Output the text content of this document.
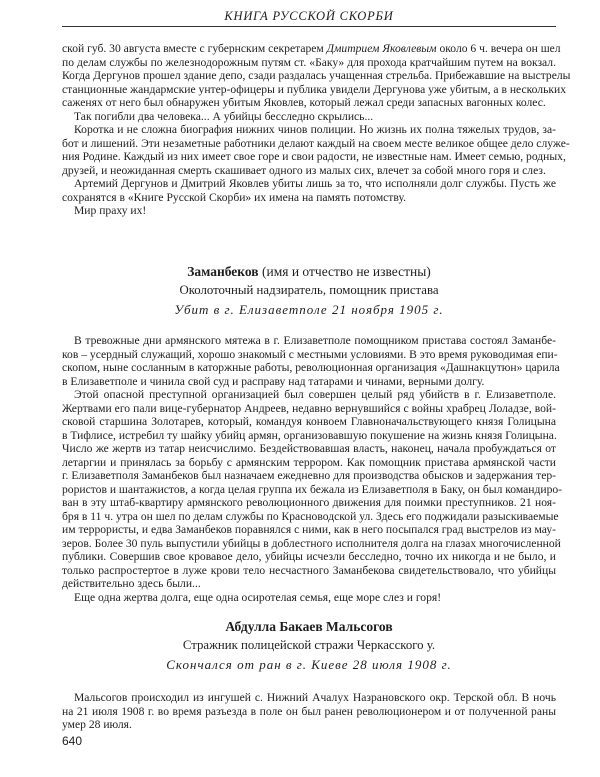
КНИГА РУССКОЙ СКОРБИ
ской губ. 30 августа вместе с губернским секретарем Дмитрием Яковлевым около 6 ч. вечера он шел
по делам службы по железнодорожным путям ст. «Баку» для прохода кратчайшим путем на вокзал.
Когда Дергунов прошел здание депо, сзади раздалась учащенная стрельба. Прибежавшие на выстрелы
станционные жандармские унтер-офицеры и публика увидели Дергунова уже убитым, а в нескольких
саженях от него был обнаружен убитым Яковлев, который лежал среди запасных вагонных колес.
Так погибли два человека... А убийцы бесследно скрылись...
Коротка и не сложна биография нижних чинов полиции. Но жизнь их полна тяжелых трудов, за-
бот и лишений. Эти незаметные работники делают каждый на своем месте великое общее дело служе-
ния Родине. Каждый из них имеет свое горе и свои радости, не известные нам. Имеет семью, родных,
друзей, и неожиданная смерть скашивает одного из малых сих, влечет за собой много горя и слез.
Артемий Дергунов и Дмитрий Яковлев убиты лишь за то, что исполняли долг службы. Пусть же
сохранятся в «Книге Русской Скорби» их имена на память потомству.
Мир праху их!
Заманбеков (имя и отчество не известны)
Околоточный надзиратель, помощник пристава
Убит в г. Елизаветполе 21 ноября 1905 г.
В тревожные дни армянского мятежа в г. Елизаветполе помощником пристава состоял Заманбе-
ков – усердный служащий, хорошо знакомый с местными условиями. В это время руководимая епи-
скопом, ныне сосланным в каторжные работы, революционная организация «Дашнакцутюн» царила
в Елизаветполе и чинила свой суд и расправу над татарами и чинами, верными долгу.
Этой опасной преступной организацией был совершен целый ряд убийств в г. Елизаветполе.
Жертвами его пали вице-губернатор Андреев, недавно вернувшийся с войны храбрец Лоладзе, вой-
сковой старшина Золотарев, который, командуя конвоем Главноначальствующего князя Голицына
в Тифлисе, истребил ту шайку убийц армян, организовавшую покушение на жизнь князя Голицына.
Число же жертв из татар неисчислимо. Бездействовавшая власть, наконец, начала пробуждаться от
летаргии и принялась за борьбу с армянским террором. Как помощник пристава армянской части
г. Елизаветполя Заманбеков был назначаем ежедневно для производства обысков и задержания тер-
рористов и шантажистов, а когда целая группа их бежала из Елизаветполя в Баку, он был командиро-
ван в эту штаб-квартиру армянского революционного движения для поимки преступников. 21 ноя-
бря в 11 ч. утра он шел по делам службы по Красноводской ул. Здесь его поджидали разыскиваемые
им террористы, и едва Заманбеков поравнялся с ними, как в него посыпался град выстрелов из мау-
зеров. Более 30 пуль выпустили убийцы в доблестного исполнителя долга на глазах многочисленной
публики. Совершив свое кровавое дело, убийцы исчезли бесследно, точно их никогда и не было, и
только распростертое в луже крови тело несчастного Заманбекова свидетельствовало, что убийцы
действительно здесь были...
Еще одна жертва долга, еще одна осиротелая семья, еще море слез и горя!
Абдулла Бакаев Мальсогов
Стражник полицейской стражи Черкасского у.
Скончался от ран в г. Киеве 28 июля 1908 г.
Мальсогов происходил из ингушей с. Нижний Ачалух Назрановского окр. Терской обл. В ночь
на 21 июля 1908 г. во время разъезда в поле он был ранен революционером и от полученной раны
умер 28 июля.
640
